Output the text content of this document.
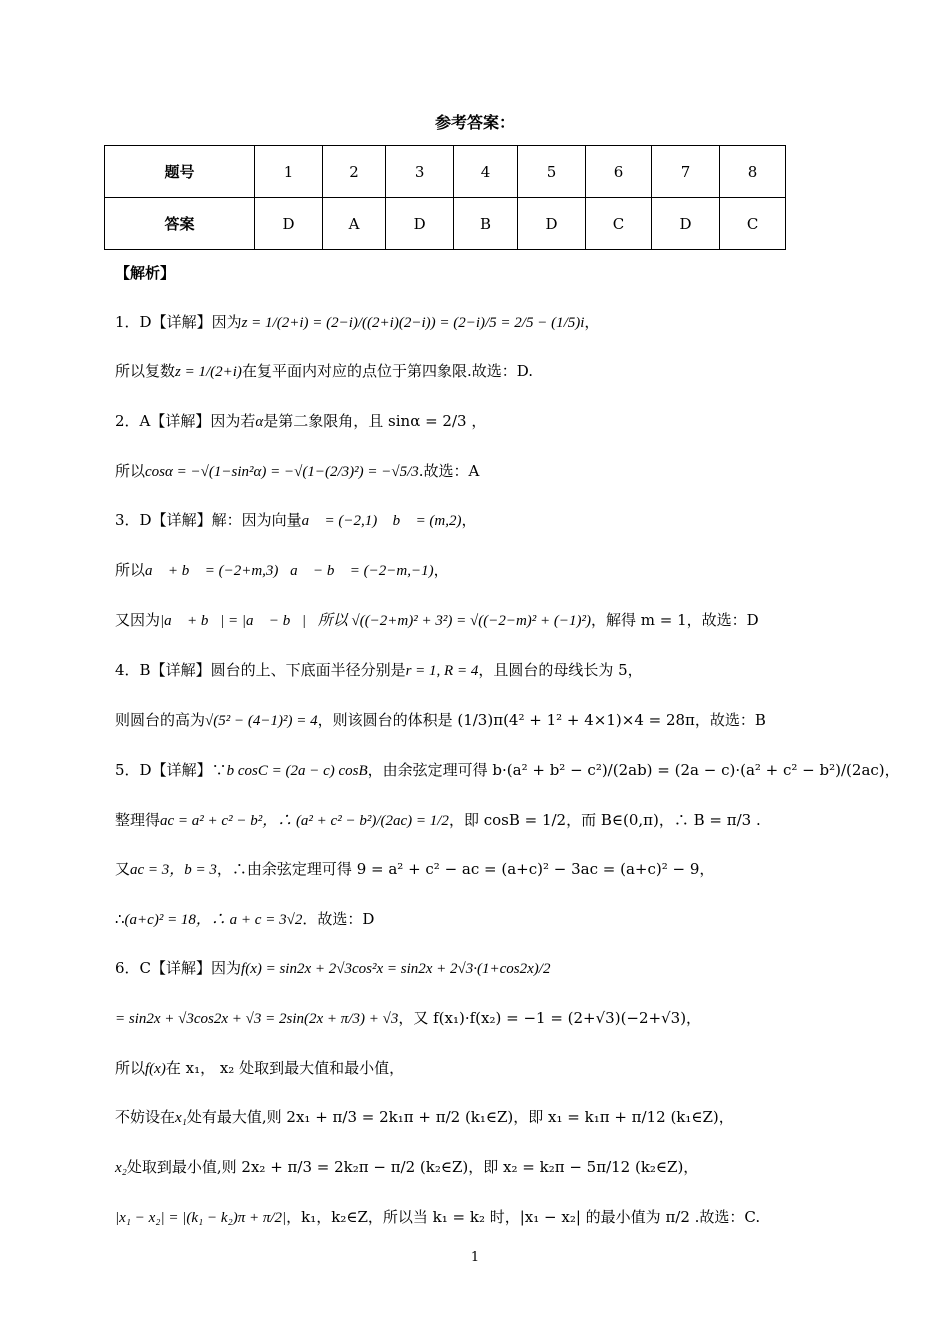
参考答案：
题号	1	2	3	4	5	6	7	8
答案	D	A	D	B	D	C	D	C
【解析】
1．D【详解】因为z = 1/(2+i) = (2−i)/((2+i)(2−i)) = (2−i)/5 = 2/5 − (1/5)i，
所以复数z = 1/(2+i)在复平面内对应的点位于第四象限.故选：D.
2．A【详解】因为若α是第二象限角，且 sinα = 2/3 ，
所以cosα = −√(1−sin²α) = −√(1−(2/3)²) = −√5/3.故选：A
3．D【详解】解：因为向量a⃗ = (−2,1)， b⃗ = (m,2)，
所以a⃗ + b⃗ = (−2+m,3)，a⃗ − b⃗ = (−2−m,−1)，
又因为|a⃗ + b⃗| = |a⃗ − b⃗|，所以 √((−2+m)² + 3²) = √((−2−m)² + (−1)²)，解得 m = 1，故选：D
4．B【详解】圆台的上、下底面半径分别是r = 1, R = 4，且圆台的母线长为 5，
则圆台的高为√(5² − (4−1)²) = 4，则该圆台的体积是 (1/3)π(4² + 1² + 4×1)×4 = 28π，故选：B
5．D【详解】∵b cosC = (2a − c) cosB，由余弦定理可得 b·(a² + b² − c²)/(2ab) = (2a − c)·(a² + c² − b²)/(2ac)，
整理得ac = a² + c² − b²，∴ (a² + c² − b²)/(2ac) = 1/2，即 cosB = 1/2，而 B∈(0,π)，∴ B = π/3 .
又ac = 3，b = 3，∴由余弦定理可得 9 = a² + c² − ac = (a+c)² − 3ac = (a+c)² − 9，
∴(a+c)² = 18，∴ a + c = 3√2．故选：D
6．C【详解】因为f(x) = sin2x + 2√3cos²x = sin2x + 2√3·(1+cos2x)/2
= sin2x + √3cos2x + √3 = 2sin(2x + π/3) + √3，又 f(x₁)·f(x₂) = −1 = (2+√3)(−2+√3)，
所以f(x)在 x₁， x₂ 处取到最大值和最小值，
不妨设在x₁处有最大值,则 2x₁ + π/3 = 2k₁π + π/2 (k₁∈Z)，即 x₁ = k₁π + π/12 (k₁∈Z)，
x₂处取到最小值,则 2x₂ + π/3 = 2k₂π − π/2 (k₂∈Z)，即 x₂ = k₂π − 5π/12 (k₂∈Z)，
|x₁ − x₂| = |(k₁ − k₂)π + π/2|，k₁，k₂∈Z，所以当 k₁ = k₂ 时，|x₁ − x₂| 的最小值为 π/2 .故选：C.
1
